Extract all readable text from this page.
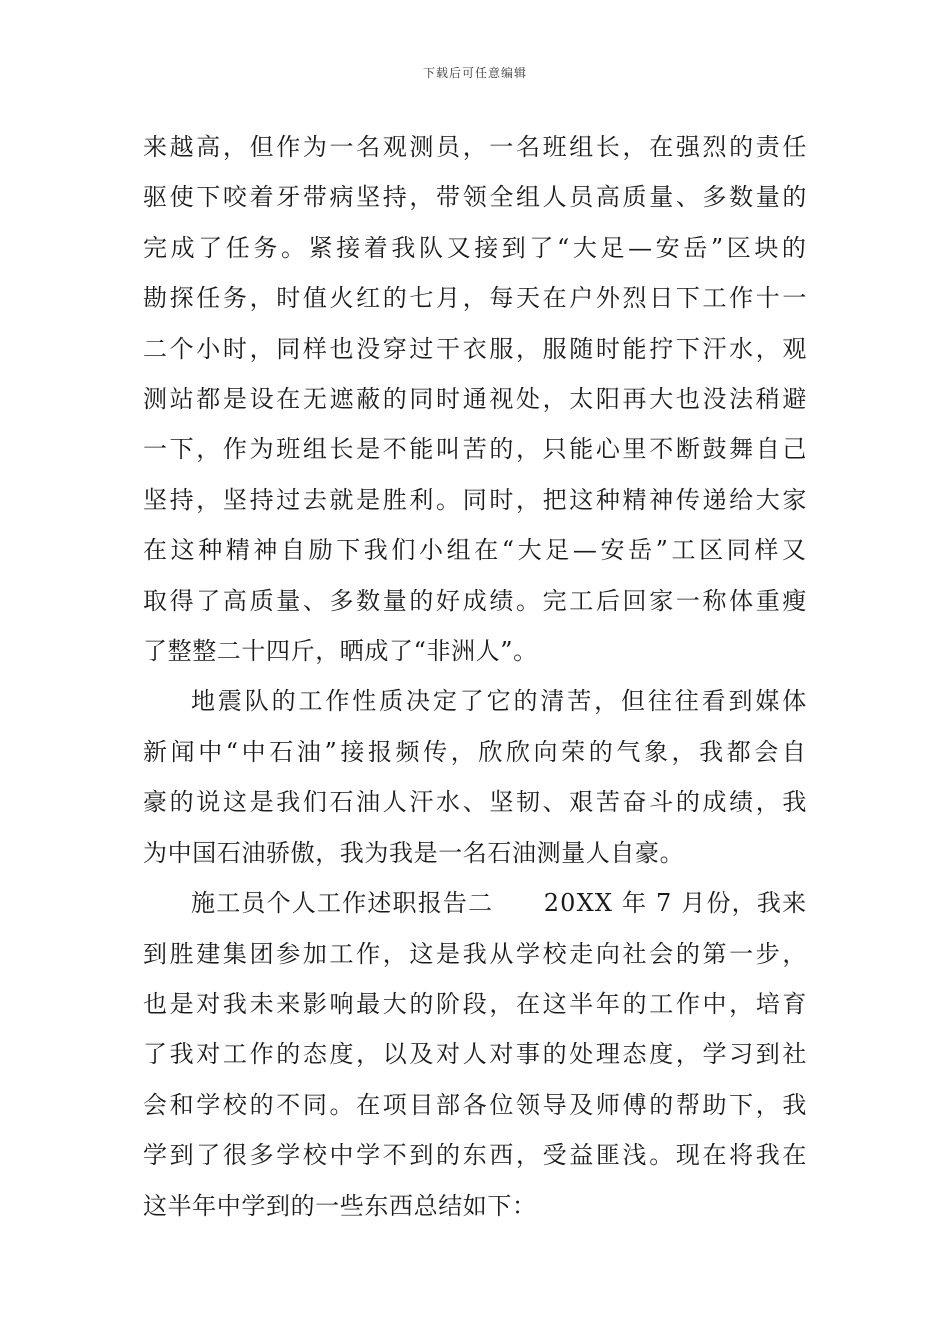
下载后可任意编辑

来越高，但作为一名观测员，一名班组长，在强烈的责任
驱使下咬着牙带病坚持，带领全组人员高质量、多数量的
完成了任务。紧接着我队又接到了“大足—安岳”区块的
勘探任务，时值火红的七月，每天在户外烈日下工作十一
二个小时，同样也没穿过干衣服，服随时能拧下汗水，观
测站都是设在无遮蔽的同时通视处，太阳再大也没法稍避
一下，作为班组长是不能叫苦的，只能心里不断鼓舞自己
坚持，坚持过去就是胜利。同时，把这种精神传递给大家
在这种精神自励下我们小组在“大足—安岳”工区同样又
取得了高质量、多数量的好成绩。完工后回家一称体重瘦
了整整二十四斤，晒成了“非洲人”。

地震队的工作性质决定了它的清苦，但往往看到媒体
新闻中“中石油”接报频传，欣欣向荣的气象，我都会自
豪的说这是我们石油人汗水、坚韧、艰苦奋斗的成绩，我
为中国石油骄傲，我为我是一名石油测量人自豪。

施工员个人工作述职报告二　　20XX 年 7 月份，我来
到胜建集团参加工作，这是我从学校走向社会的第一步，
也是对我未来影响最大的阶段，在这半年的工作中，培育
了我对工作的态度，以及对人对事的处理态度，学习到社
会和学校的不同。在项目部各位领导及师傅的帮助下，我
学到了很多学校中学不到的东西，受益匪浅。现在将我在
这半年中学到的一些东西总结如下：
